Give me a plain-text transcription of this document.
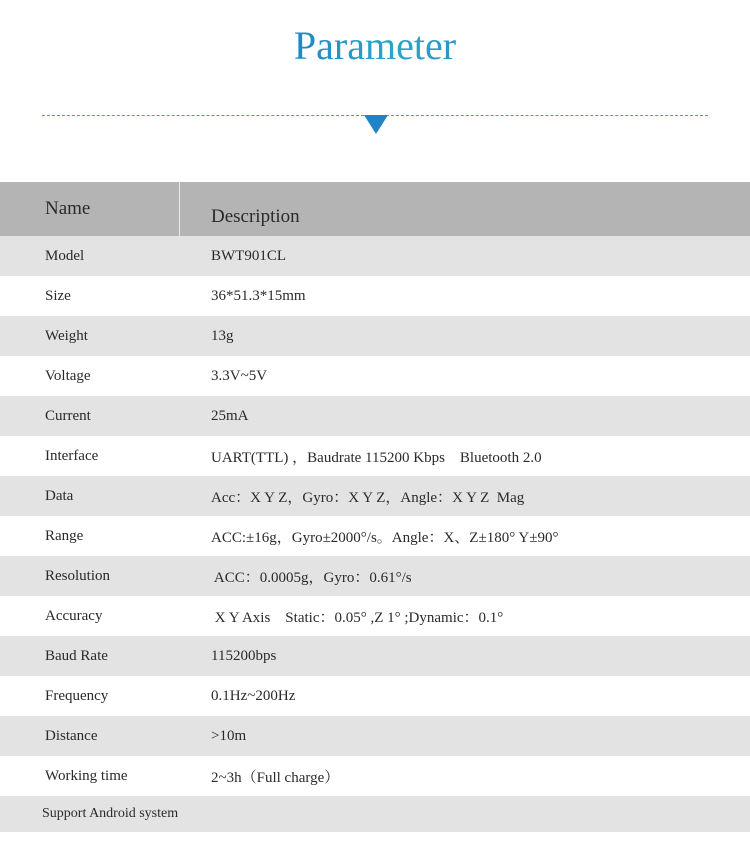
Parameter
Name	Description
Model	BWT901CL
Size	36*51.3*15mm
Weight	13g
Voltage	3.3V~5V
Current	25mA
Interface	UART(TTL) ，Baudrate 115200 Kbps    Bluetooth 2.0
Data	Acc：X Y Z，Gyro：X Y Z，Angle：X Y Z  Mag
Range	ACC:±16g，Gyro±2000°/s。Angle：X、Z±180° Y±90°
Resolution	ACC：0.0005g，Gyro：0.61°/s
Accuracy	X Y Axis    Static：0.05° ,Z 1° ;Dynamic：0.1°
Baud Rate	115200bps
Frequency	0.1Hz~200Hz
Distance	>10m
Working time	2~3h（Full charge）
Support Android system
